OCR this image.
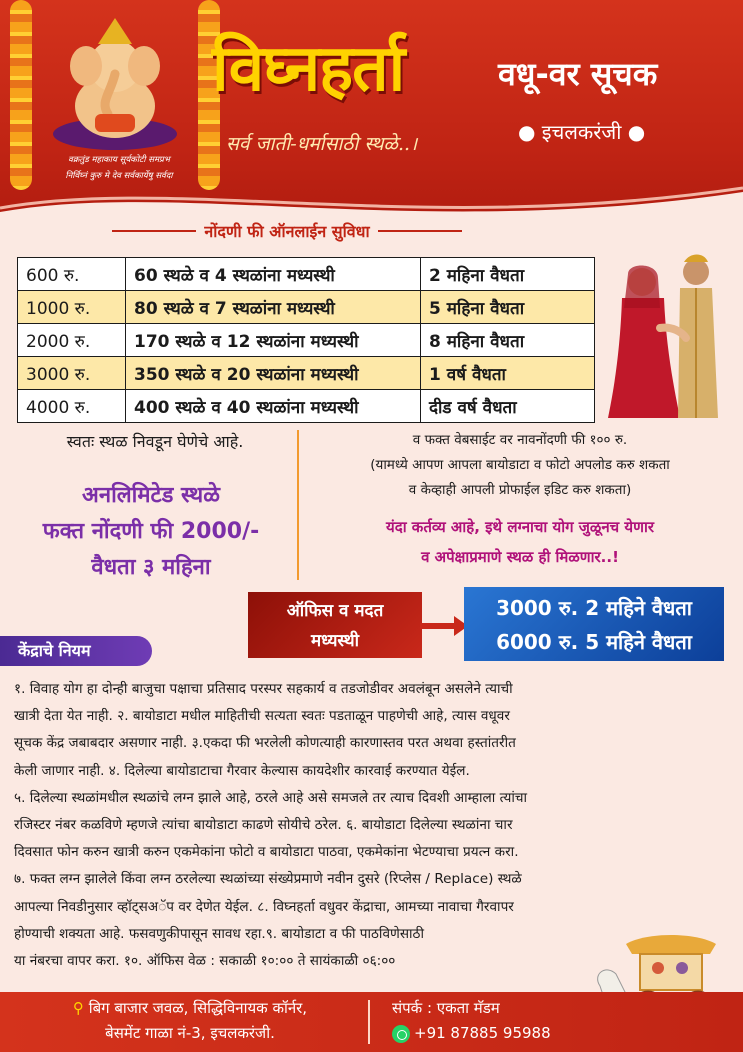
वक्रतुंड महाकाय सूर्यकोटी समप्रभ
निर्विघ्नं कुरु मे देव सर्वकार्येषु सर्वदा
विघ्नहर्ता	वधू-वर सूचक
सर्व जाती-धर्मासाठी स्थळे..।	● इचलकरंजी ●
नोंदणी फी ऑनलाईन सुविधा
600 रु.	60 स्थळे व 4 स्थळांना मध्यस्थी	2 महिना वैधता
1000 रु.	80 स्थळे व 7 स्थळांना मध्यस्थी	5 महिना वैधता
2000 रु.	170 स्थळे व 12 स्थळांना मध्यस्थी	8 महिना वैधता
3000 रु.	350 स्थळे व 20 स्थळांना मध्यस्थी	1 वर्ष वैधता
4000 रु.	400 स्थळे व 40 स्थळांना मध्यस्थी	दीड वर्ष वैधता
स्वतः स्थळ निवडून घेणेचे आहे.
अनलिमिटेड स्थळे
फक्त नोंदणी फी 2000/-
वैधता ३ महिना
व फक्त वेबसाईट वर नावनोंदणी फी १०० रु.
(यामध्ये आपण आपला बायोडाटा व फोटो अपलोड करु शकता
व केव्हाही आपली प्रोफाईल इडिट करु शकता)
यंदा कर्तव्य आहे, इथे लग्नाचा योग जुळूनच येणार
व अपेक्षाप्रमाणे स्थळ ही मिळणार..!
ऑफिस व मदत
मध्यस्थी
3000 रु. 2 महिने वैधता
6000 रु. 5 महिने वैधता
केंद्राचे नियम
१. विवाह योग हा दोन्ही बाजुचा पक्षाचा प्रतिसाद परस्पर सहकार्य व तडजोडीवर अवलंबून असलेने त्याची
खात्री देता येत नाही. २. बायोडाटा मधील माहितीची सत्यता स्वतः पडताळून पाहणेची आहे, त्यास वधूवर
सूचक केंद्र जबाबदार असणार नाही. ३.एकदा फी भरलेली कोणत्याही कारणास्तव परत अथवा हस्तांतरीत
केली जाणार नाही. ४. दिलेल्या बायोडाटाचा गैरवार केल्यास कायदेशीर कारवाई करण्यात येईल.
५. दिलेल्या स्थळांमधील स्थळांचे लग्न झाले आहे, ठरले आहे असे समजले तर त्याच दिवशी आम्हाला त्यांचा
रजिस्टर नंबर कळविणे म्हणजे त्यांचा बायोडाटा काढणे सोयीचे ठरेल. ६. बायोडाटा दिलेल्या स्थळांना चार
दिवसात फोन करुन खात्री करुन एकमेकांना फोटो व बायोडाटा पाठवा, एकमेकांना भेटण्याचा प्रयत्न करा.
७. फक्त लग्न झालेले किंवा लग्न ठरलेल्या स्थळांच्या संख्येप्रमाणे नवीन दुसरे (रिप्लेस / Replace) स्थळे
आपल्या निवडीनुसार व्हॉट्सअॅप वर देणेत येईल. ८. विघ्नहर्ता वधुवर केंद्राचा, आमच्या नावाचा गैरवापर
होण्याची शक्यता आहे. फसवणुकीपासून सावध रहा.९. बायोडाटा व फी पाठविणेसाठी
या नंबरचा वापर करा. १०. ऑफिस वेळ : सकाळी १०:०० ते सायंकाळी ०६:००
⚲ बिग बाजार जवळ, सिद्धिविनायक कॉर्नर,
बेसमेंट गाळा नं-3, इचलकरंजी.
संपर्क : एकता मॅडम
+91 87885 95988
